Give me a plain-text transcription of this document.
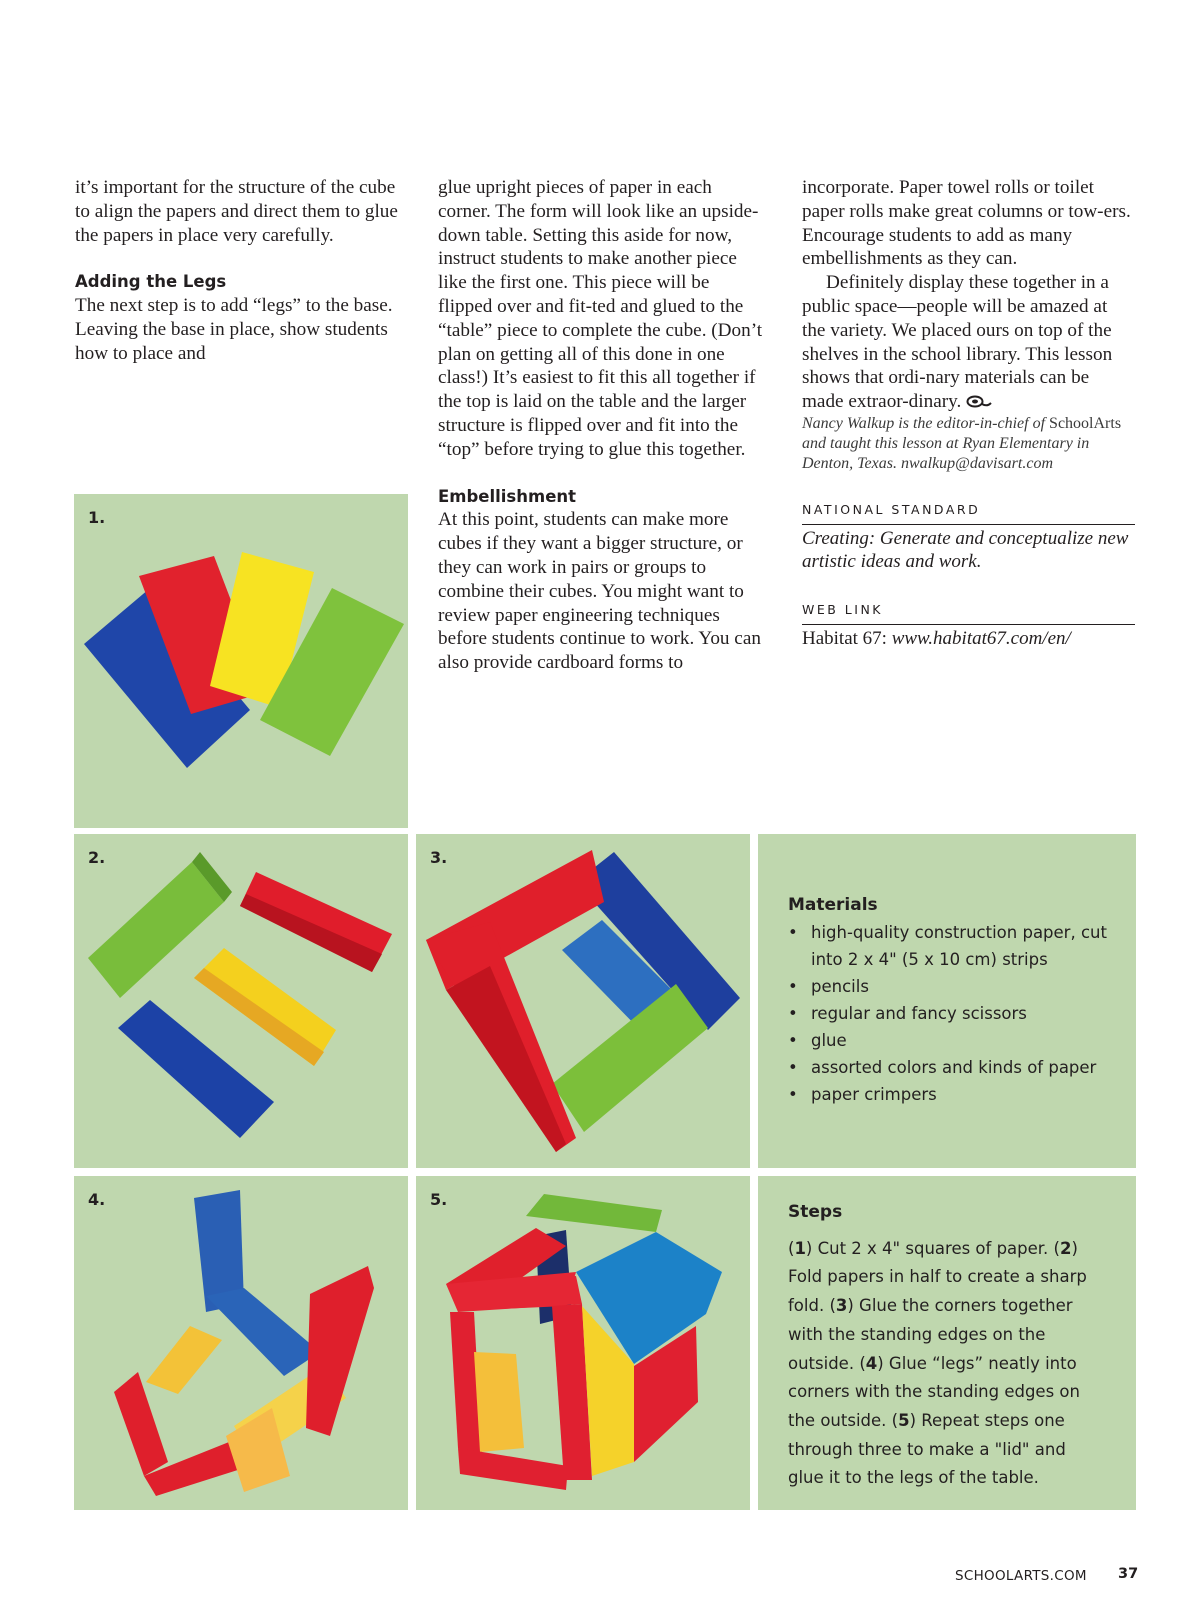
it’s important for the structure of the cube to align the papers and direct them to glue the papers in place very carefully.

Adding the Legs

The next step is to add “legs” to the base. Leaving the base in place, show students how to place and

glue upright pieces of paper in each corner. The form will look like an upside-down table. Setting this aside for now, instruct students to make another piece like the first one. This piece will be flipped over and fit-ted and glued to the “table” piece to complete the cube. (Don’t plan on getting all of this done in one class!) It’s easiest to fit this all together if the top is laid on the table and the larger structure is flipped over and fit into the “top” before trying to glue this together.

Embellishment

At this point, students can make more cubes if they want a bigger structure, or they can work in pairs or groups to combine their cubes. You might want to review paper engineering techniques before students continue to work. You can also provide cardboard forms to

incorporate. Paper towel rolls or toilet paper rolls make great columns or tow-ers. Encourage students to add as many embellishments as they can.

Definitely display these together in a public space—people will be amazed at the variety. We placed ours on top of the shelves in the school library. This lesson shows that ordi-nary materials can be made extraor-dinary.

Nancy Walkup is the editor-in-chief of SchoolArts and taught this lesson at Ryan Elementary in Denton, Texas. nwalkup@davisart.com

NATIONAL STANDARD
Creating: Generate and conceptualize new artistic ideas and work.
WEB LINK
Habitat 67: www.habitat67.com/en/
1.
2.	3.
Materials
• high-quality construction paper, cut into 2 x 4" (5 x 10 cm) strips
• pencils
• regular and fancy scissors
• glue
• assorted colors and kinds of paper
• paper crimpers
4.	5.
Steps

(1) Cut 2 x 4" squares of paper. (2) Fold papers in half to create a sharp fold. (3) Glue the corners together with the standing edges on the outside. (4) Glue “legs” neatly into corners with the standing edges on the outside. (5) Repeat steps one through three to make a "lid" and glue it to the legs of the table.

SCHOOLARTS.COM 37
